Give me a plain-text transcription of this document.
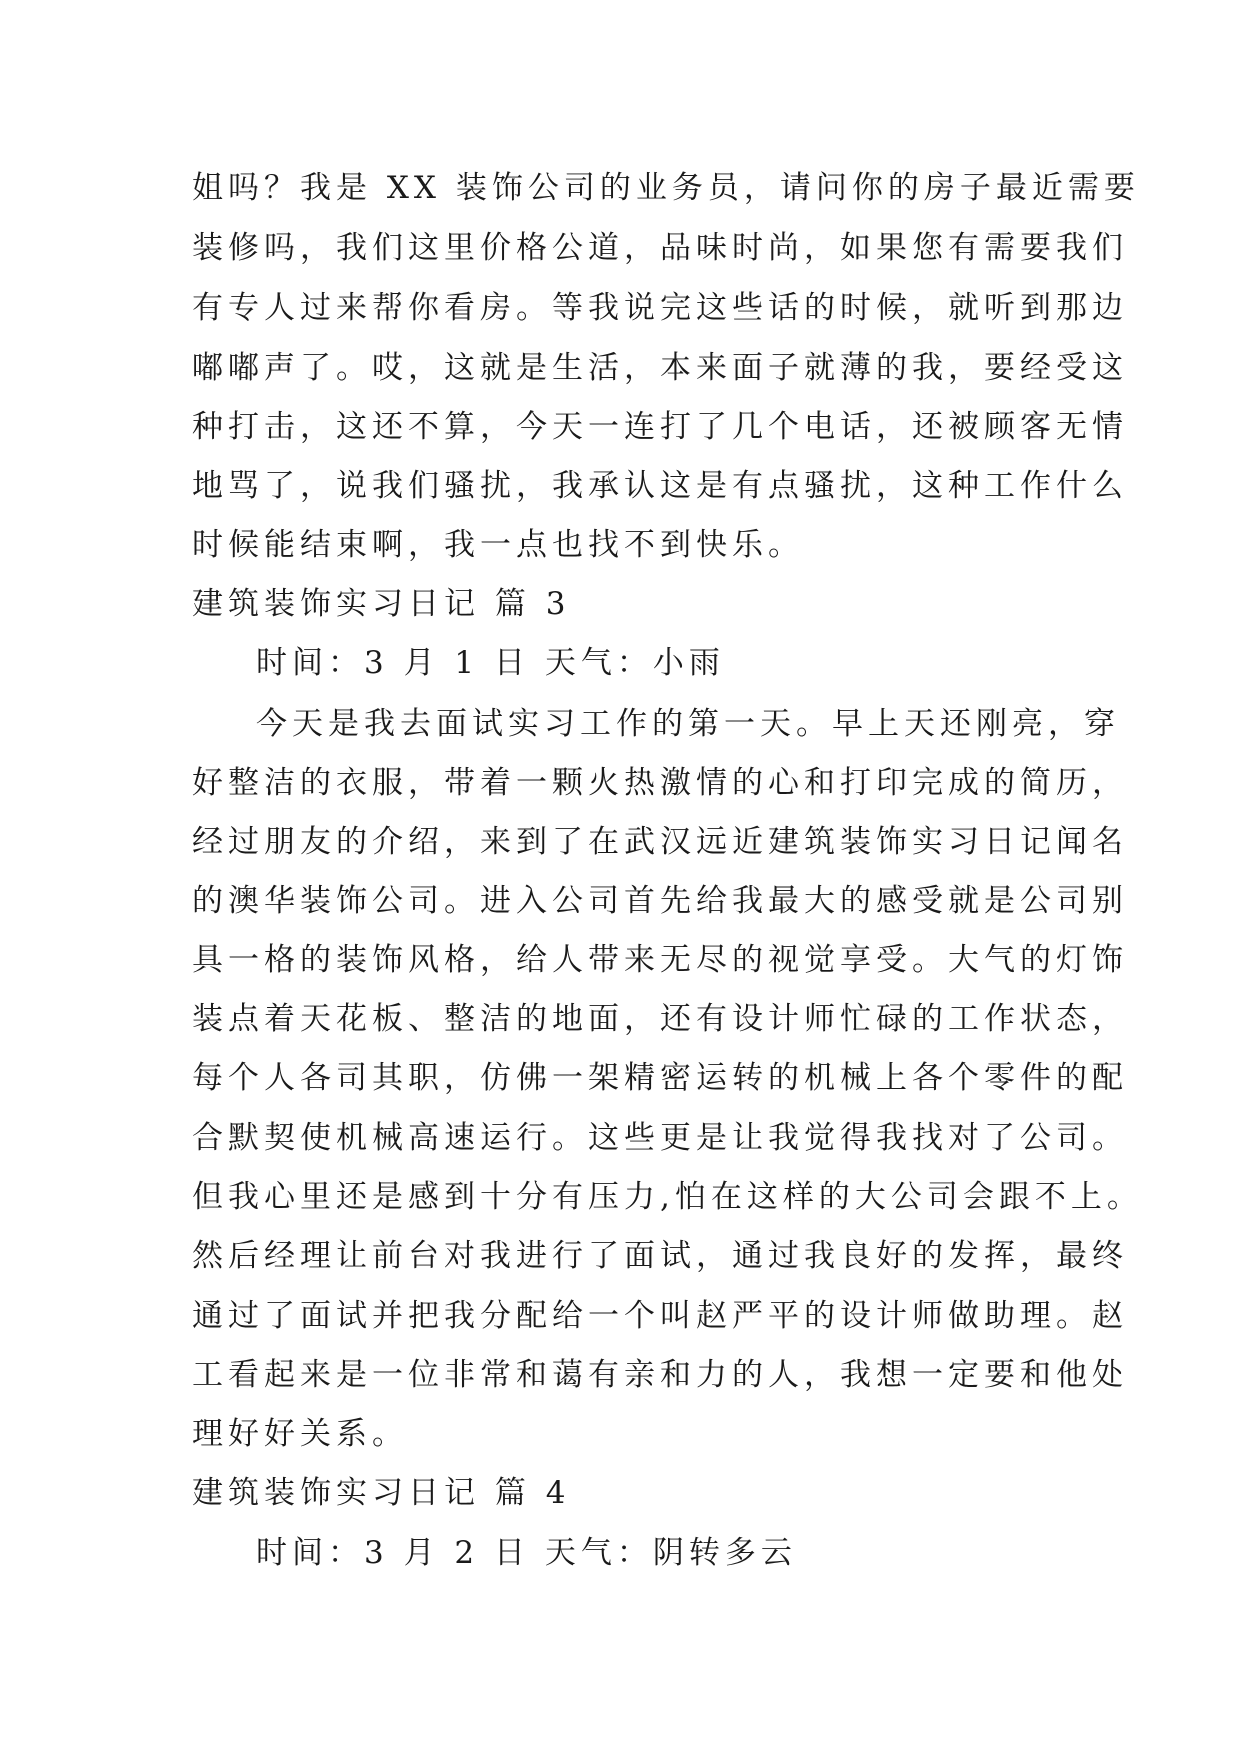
姐吗？我是 XX 装饰公司的业务员，请问你的房子最近需要
装修吗，我们这里价格公道，品味时尚，如果您有需要我们
有专人过来帮你看房。等我说完这些话的时候，就听到那边
嘟嘟声了。哎，这就是生活，本来面子就薄的我，要经受这
种打击，这还不算，今天一连打了几个电话，还被顾客无情
地骂了，说我们骚扰，我承认这是有点骚扰，这种工作什么
时候能结束啊，我一点也找不到快乐。
建筑装饰实习日记 篇 3
时间：3 月 1 日 天气：小雨
今天是我去面试实习工作的第一天。早上天还刚亮，穿
好整洁的衣服，带着一颗火热激情的心和打印完成的简历，
经过朋友的介绍，来到了在武汉远近建筑装饰实习日记闻名
的澳华装饰公司。进入公司首先给我最大的感受就是公司别
具一格的装饰风格，给人带来无尽的视觉享受。大气的灯饰
装点着天花板、整洁的地面，还有设计师忙碌的工作状态，
每个人各司其职，仿佛一架精密运转的机械上各个零件的配
合默契使机械高速运行。这些更是让我觉得我找对了公司。
但我心里还是感到十分有压力,怕在这样的大公司会跟不上。
然后经理让前台对我进行了面试，通过我良好的发挥，最终
通过了面试并把我分配给一个叫赵严平的设计师做助理。赵
工看起来是一位非常和蔼有亲和力的人，我想一定要和他处
理好好关系。
建筑装饰实习日记 篇 4
时间：3 月 2 日 天气：阴转多云
